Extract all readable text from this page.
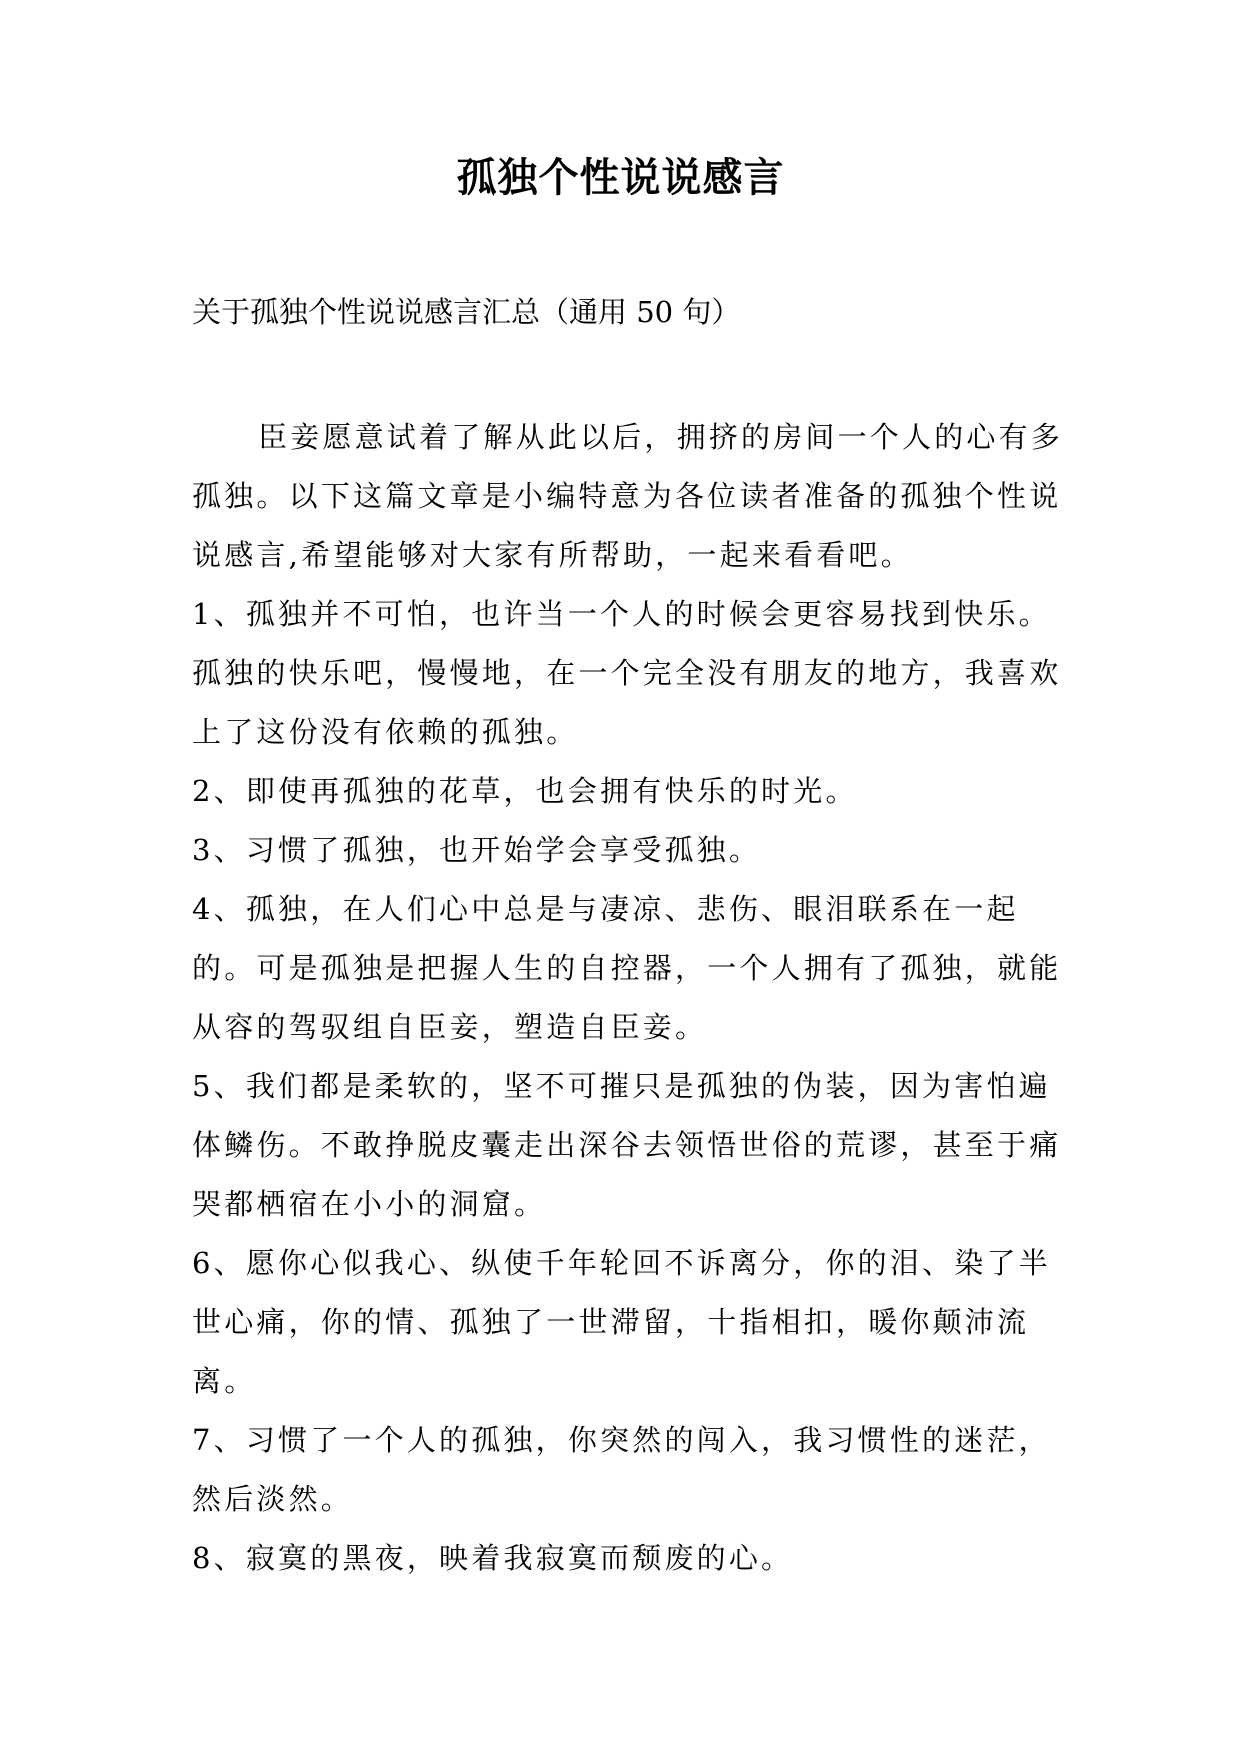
孤独个性说说感言
关于孤独个性说说感言汇总（通用 50 句）

臣妾愿意试着了解从此以后，拥挤的房间一个人的心有多孤独。以下这篇文章是小编特意为各位读者准备的孤独个性说说感言,希望能够对大家有所帮助，一起来看看吧。

1、孤独并不可怕，也许当一个人的时候会更容易找到快乐。孤独的快乐吧，慢慢地，在一个完全没有朋友的地方，我喜欢上了这份没有依赖的孤独。

2、即使再孤独的花草，也会拥有快乐的时光。

3、习惯了孤独，也开始学会享受孤独。

4、孤独，在人们心中总是与凄凉、悲伤、眼泪联系在一起的。可是孤独是把握人生的自控器，一个人拥有了孤独，就能从容的驾驭组自臣妾，塑造自臣妾。

5、我们都是柔软的，坚不可摧只是孤独的伪装，因为害怕遍体鳞伤。不敢挣脱皮囊走出深谷去领悟世俗的荒谬，甚至于痛哭都栖宿在小小的洞窟。

6、愿你心似我心、纵使千年轮回不诉离分，你的泪、染了半世心痛，你的情、孤独了一世滞留，十指相扣，暖你颠沛流离。

7、习惯了一个人的孤独，你突然的闯入，我习惯性的迷茫，然后淡然。

8、寂寞的黑夜，映着我寂寞而颓废的心。
